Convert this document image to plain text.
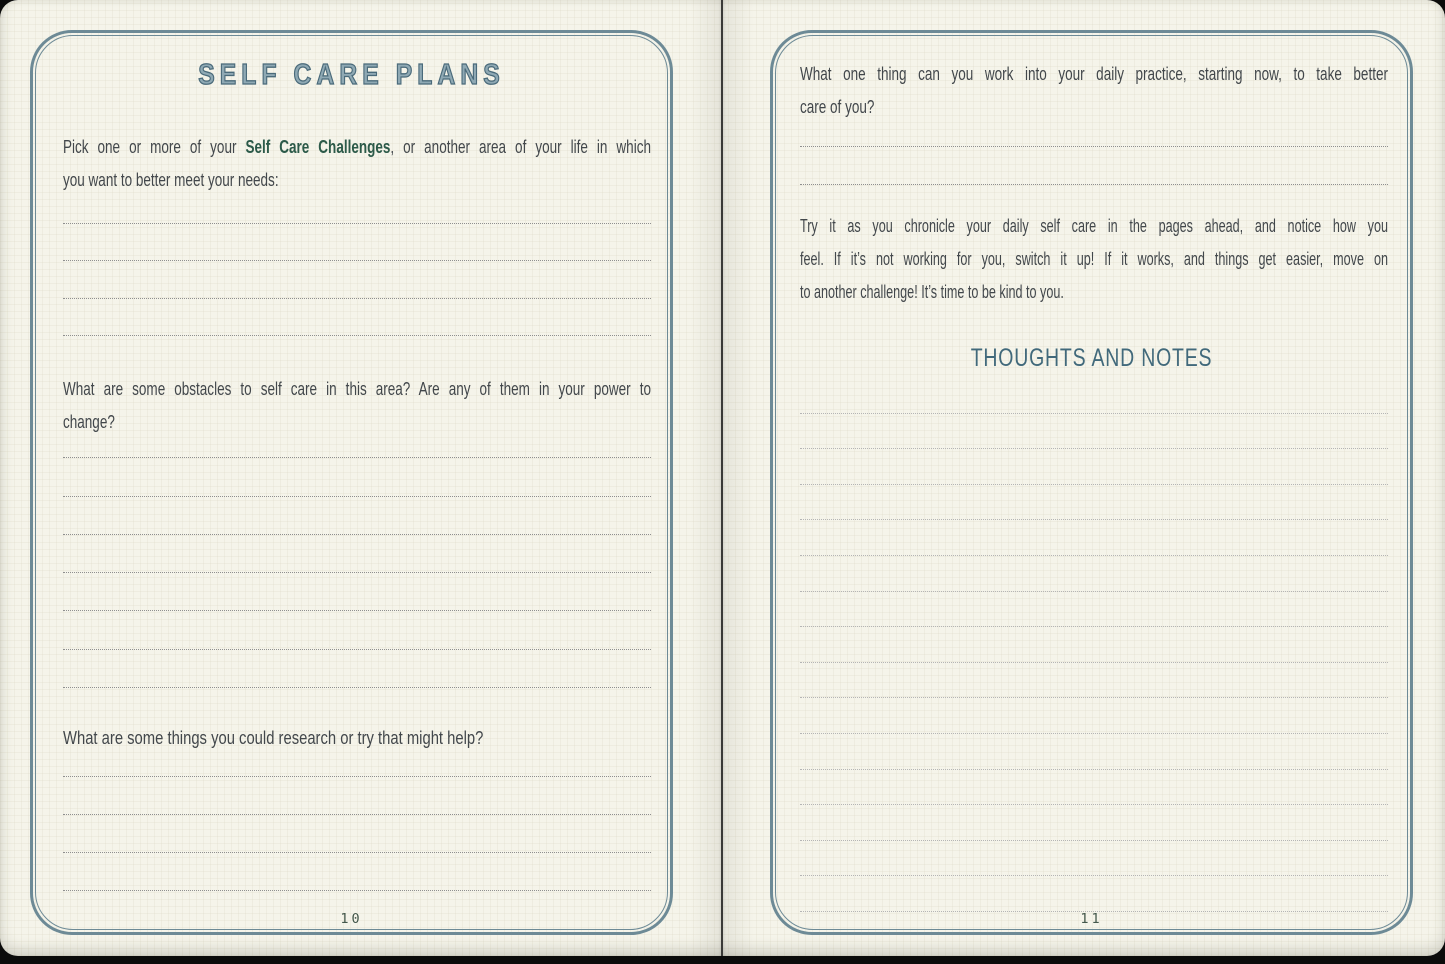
SELF CARE PLANS
Pick one or more of your Self Care Challenges, or another area of your life in which
you want to better meet your needs:
What are some obstacles to self care in this area? Are any of them in your power to
change?
What are some things you could research or try that might help?
10
What one thing can you work into your daily practice, starting now, to take better
care of you?
Try it as you chronicle your daily self care in the pages ahead, and notice how you
feel. If it’s not working for you, switch it up! If it works, and things get easier, move on
to another challenge! It’s time to be kind to you.
THOUGHTS AND NOTES
11
